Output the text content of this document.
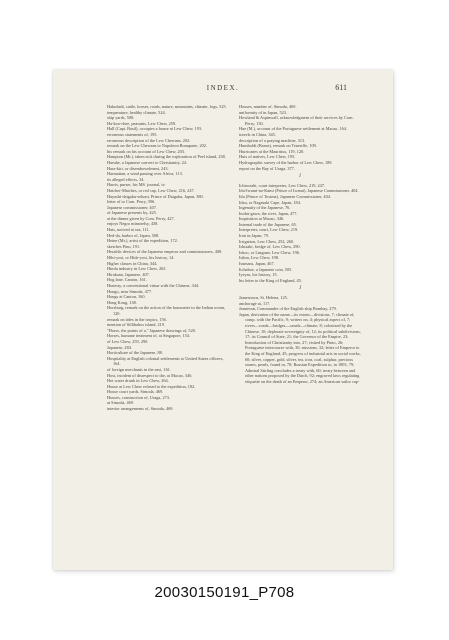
INDEX.	611

Hakodadi, cattle, horses, roads, nature, mountains, climate, fogs, 525.

temperature, healthy climate, 524.

ship yards, 508.

Ha-koo-chee, peasants, Lew Chew, 259.

Hall (Capt. Basil), occupies a house at Lew Chew, 193.

erroneous statements of, 195.

erroneous description of the Lew Chewans, 202.

remark on the Lew Chewans to Napoleon Bonaparte, 202.

his remark on his account of Lew Chew, 203.

Hampton (Mr.), taken sick during the exploration of Peel island, 238.

Haruhe, a Japanese convert to Christianity, 24.

Hara-kiri, or disembowelment, 243.

Harmattan, a wind passing over Africa, 113.

its alleged effects, 34.

Harris, purser, his MS. journal, iv.

Hatcher-Matches, or red cap, Lew Chew, 216, 247.

Hayashi-daigaku-sekoni, Prince of Daigaku, Japan, 380.

letter of to Com. Perry, 396.

Japanese commissioner, 407.

of Japanese presents by, 425.

at the dinner given by Com. Perry, 427.

enjoys Negro minstrelsy, 438.

Hats, noticed at sea, 111.

Hed-da, harbor of, Japan, 508.

Heine (Mr.), artist of the expedition, 172.

sketches Pino, 191.

Heraldic devices of the Japanese emperor and commissioners, 408.

Hibi-yosi, or Hide-yosi, his history, 14.

Higher classes in China, 344.

Hindu industry in Lew Chew, 265.

Hirakana, Japanese, 407.

Hog lane, Canton, 161.

Honesty, a conventional virtue with the Chinese, 344.

Hongo, near Simoda, 477.

Hongs at Canton, 160.

Hong Kong, 138.

Horsburg, remark on the action of the barometer in the Indian ocean, 120.

remark on tides in the tropics, 156.

mention of Sillibabos island, 219.

"Horse, the points of a," Japanese drawings of, 520.

Horses, humane treatment of, at Singapore, 154.

of Lew Chew, 259, 290.

Japanese, 284.

Horticulture of the Japanese, 88.

Hospitality at English colonial settlements to United States officers, 164.

of foreign merchants in the east, 161.

Host, incident of disrespect to the, at Macao, 346.

Hot water drunk in Lew Chew, 264.

House at Lew Chew refused to the expedition, 182.

House court yards, Simoda, 469.

Houses, construction of, Uraga, 273.

at Simoda, 469.

interior arrangements of, Simoda, 469.

Houses, number of, Simoda, 469.

uniformity of in Japan, 523.

Howland & Aspinwall, acknowledgment of their services by Com. Perry, 130.

Hue (M.), account of the Portuguese settlement at Macao, 164.

travels in China, 345.

description of a praying machine, 313.

Humboldt (Baron), remark on Teneriffe, 109.

Hurricanes at the Mauritius, 119, 120.

Huts of natives, Lew Chew, 195.

Hydrographic survey of the harbor of Lew Chew, 189.

report on the Bay of Uraga, 377.

I

Ichirozabi, court interpreter, Lew Chew, 219, 247.

Idu-Iwami-no-Kami (Prince of Iwami), Japanese Commissioner, 404.

Idu (Prince of Tosima), Japanese Commissioner, 404.

Idzu, or Nagasaki Cape, Japan, 184.

Ingenuity of the Japanese, 76.

Inobu-gawa, the river, Japan, 477.

Inquisition at Macao, 346.

Internal trade of the Japanese, 65.

Interpreter, court, Lew Chew, 219.

Iron in Japan, 79.

Irrigation, Lew Chew, 252, 260.

Ishizaki, bridge of, Lew Chew, 290.

Ishoo, or Lingnan, Lew Chew, 196.

Isthm, Lew Chew, 198.

Isumaru, Japan, 467.

Itchaboe, a Japanese coin, 505.

Iyeyas, his history, 15.

his letter to the King of England, 45.

J

Jamestown, St. Helena, 125.

anchorage at, 117.

Jamieson, Commander of the English ship Bombay, 279.

Japan, derivation of the name—its extent—divisions, 7; climate of, comp. with the Pacific, 9; writers on, 4; physical aspect of, 7; rivers—roads—bridges—canals—climate, 8; colonized by the Chinese, 10; deplorate sovereignty of, 12; its political subdivisions, 17; its Council of State, 21; the Governor of the Empire, 23; Introduction of Christianity into, 27; visited by Pinto, 26; Portuguese intercourse with, 30; missions, 32; letter of Emperor to the King of England, 45; progress of industrial arts in social works, 60; silver, copper, gold, silver, tea, iron, coal, sulphur, precious stones, pearls, found in, 78; Russian Expedition to, in 1803, 79; Admiral Stirling concludes a treaty with, 60; treaty between and other nations proposed by the Dutch, 92; engraved laws regulating etiquette on the death of an Emperor, 274; an American sailor cap-

20030150191_P708
